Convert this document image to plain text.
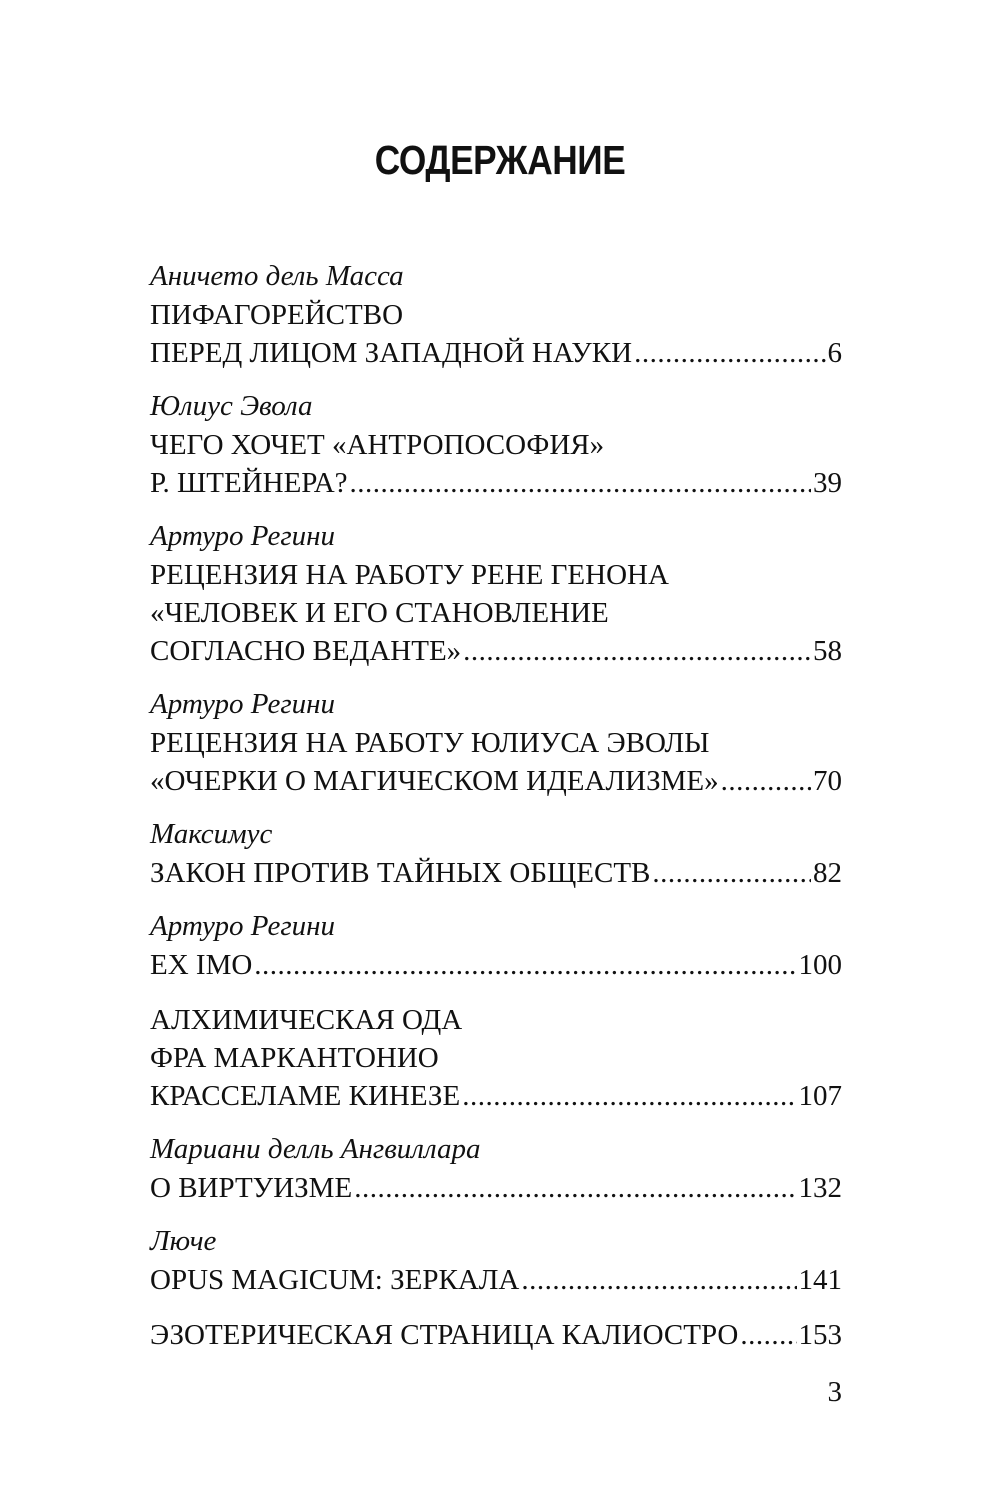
СОДЕРЖАНИЕ
Аничето дель Масса
ПИФАГОРЕЙСТВО
ПЕРЕД ЛИЦОМ ЗАПАДНОЙ НАУКИ .....	6
Юлиус Эвола
ЧЕГО ХОЧЕТ «АНТРОПОСОФИЯ»
Р. ШТЕЙНЕРА? .....	39
Артуро Регини
РЕЦЕНЗИЯ НА РАБОТУ РЕНЕ ГЕНОНА
«ЧЕЛОВЕК И ЕГО СТАНОВЛЕНИЕ
СОГЛАСНО ВЕДАНТЕ» .....	58
Артуро Регини
РЕЦЕНЗИЯ НА РАБОТУ ЮЛИУСА ЭВОЛЫ
«ОЧЕРКИ О МАГИЧЕСКОМ ИДЕАЛИЗМЕ» .....	70
Максимус
ЗАКОН ПРОТИВ ТАЙНЫХ ОБЩЕСТВ .....	82
Артуро Регини
EX IMO .....	100
АЛХИМИЧЕСКАЯ ОДА
ФРА МАРКАНТОНИО
КРАССЕЛАМЕ КИНЕЗЕ .....	107
Мариани делль Ангвиллара
О ВИРТУИЗМЕ .....	132
Люче
OPUS MAGICUM: ЗЕРКАЛА .....	141
ЭЗОТЕРИЧЕСКАЯ СТРАНИЦА КАЛИОСТРО ..... 153
3
